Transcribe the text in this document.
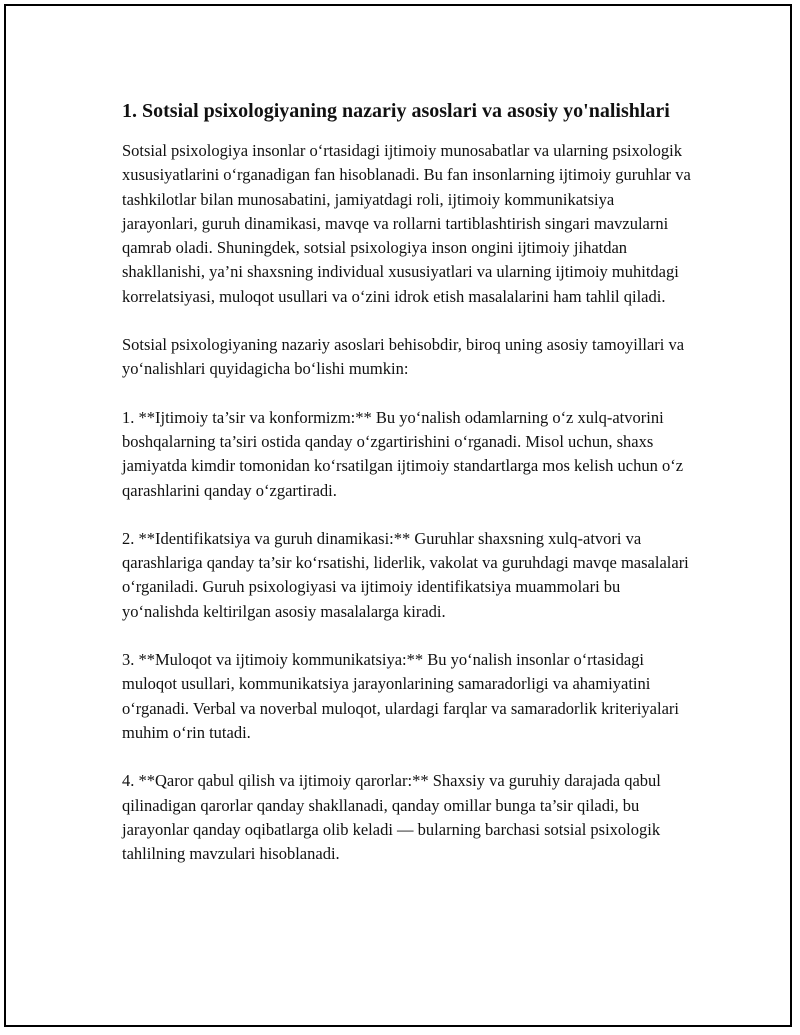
1. Sotsial psixologiyaning nazariy asoslari va asosiy yo'nalishlari

Sotsial psixologiya insonlar o‘rtasidagi ijtimoiy munosabatlar va ularning psixologik xususiyatlarini o‘rganadigan fan hisoblanadi. Bu fan insonlarning ijtimoiy guruhlar va tashkilotlar bilan munosabatini, jamiyatdagi roli, ijtimoiy kommunikatsiya jarayonlari, guruh dinamikasi, mavqe va rollarni tartiblashtirish singari mavzularni qamrab oladi. Shuningdek, sotsial psixologiya inson ongini ijtimoiy jihatdan shakllanishi, ya’ni shaxsning individual xususiyatlari va ularning ijtimoiy muhitdagi korrelatsiyasi, muloqot usullari va o‘zini idrok etish masalalarini ham tahlil qiladi.

Sotsial psixologiyaning nazariy asoslari behisobdir, biroq uning asosiy tamoyillari va yo‘nalishlari quyidagicha bo‘lishi mumkin:

1. **Ijtimoiy ta’sir va konformizm:** Bu yo‘nalish odamlarning o‘z xulq-atvorini boshqalarning ta’siri ostida qanday o‘zgartirishini o‘rganadi. Misol uchun, shaxs jamiyatda kimdir tomonidan ko‘rsatilgan ijtimoiy standartlarga mos kelish uchun o‘z qarashlarini qanday o‘zgartiradi.

2. **Identifikatsiya va guruh dinamikasi:** Guruhlar shaxsning xulq-atvori va qarashlariga qanday ta’sir ko‘rsatishi, liderlik, vakolat va guruhdagi mavqe masalalari o‘rganiladi. Guruh psixologiyasi va ijtimoiy identifikatsiya muammolari bu yo‘nalishda keltirilgan asosiy masalalarga kiradi.

3. **Muloqot va ijtimoiy kommunikatsiya:** Bu yo‘nalish insonlar o‘rtasidagi muloqot usullari, kommunikatsiya jarayonlarining samaradorligi va ahamiyatini o‘rganadi. Verbal va noverbal muloqot, ulardagi farqlar va samaradorlik kriteriyalari muhim o‘rin tutadi.

4. **Qaror qabul qilish va ijtimoiy qarorlar:** Shaxsiy va guruhiy darajada qabul qilinadigan qarorlar qanday shakllanadi, qanday omillar bunga ta’sir qiladi, bu jarayonlar qanday oqibatlarga olib keladi — bularning barchasi sotsial psixologik tahlilning mavzulari hisoblanadi.
